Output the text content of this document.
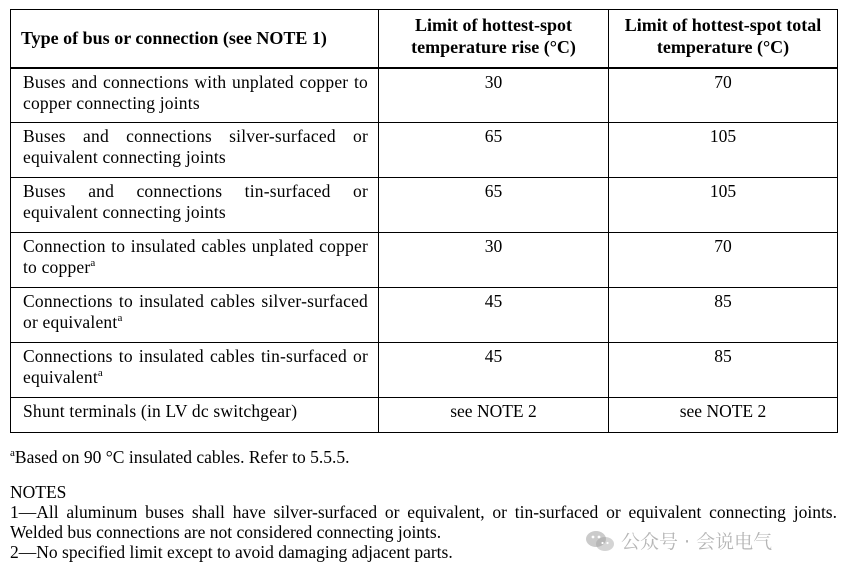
Type of bus or connection (see NOTE 1)	Limit of hottest-spot temperature rise (°C)	Limit of hottest-spot total temperature (°C)
Buses and connections with unplated copper to copper connecting joints	30	70
Buses and connections silver-surfaced or equivalent connecting joints	65	105
Buses and connections tin-surfaced or equivalent connecting joints	65	105
Connection to insulated cables unplated copper to copper$^a$	30	70
Connections to insulated cables silver-surfaced or equivalent$^a$	45	85
Connections to insulated cables tin-surfaced or equivalent$^a$	45	85
Shunt terminals (in LV dc switchgear)	see NOTE 2	see NOTE 2
$^a$Based on 90 °C insulated cables. Refer to 5.5.5.
NOTES
1—All aluminum buses shall have silver-surfaced or equivalent, or tin-surfaced or equivalent connecting joints. Welded bus connections are not considered connecting joints.
2—No specified limit except to avoid damaging adjacent parts.	公众号 · 会说电气
